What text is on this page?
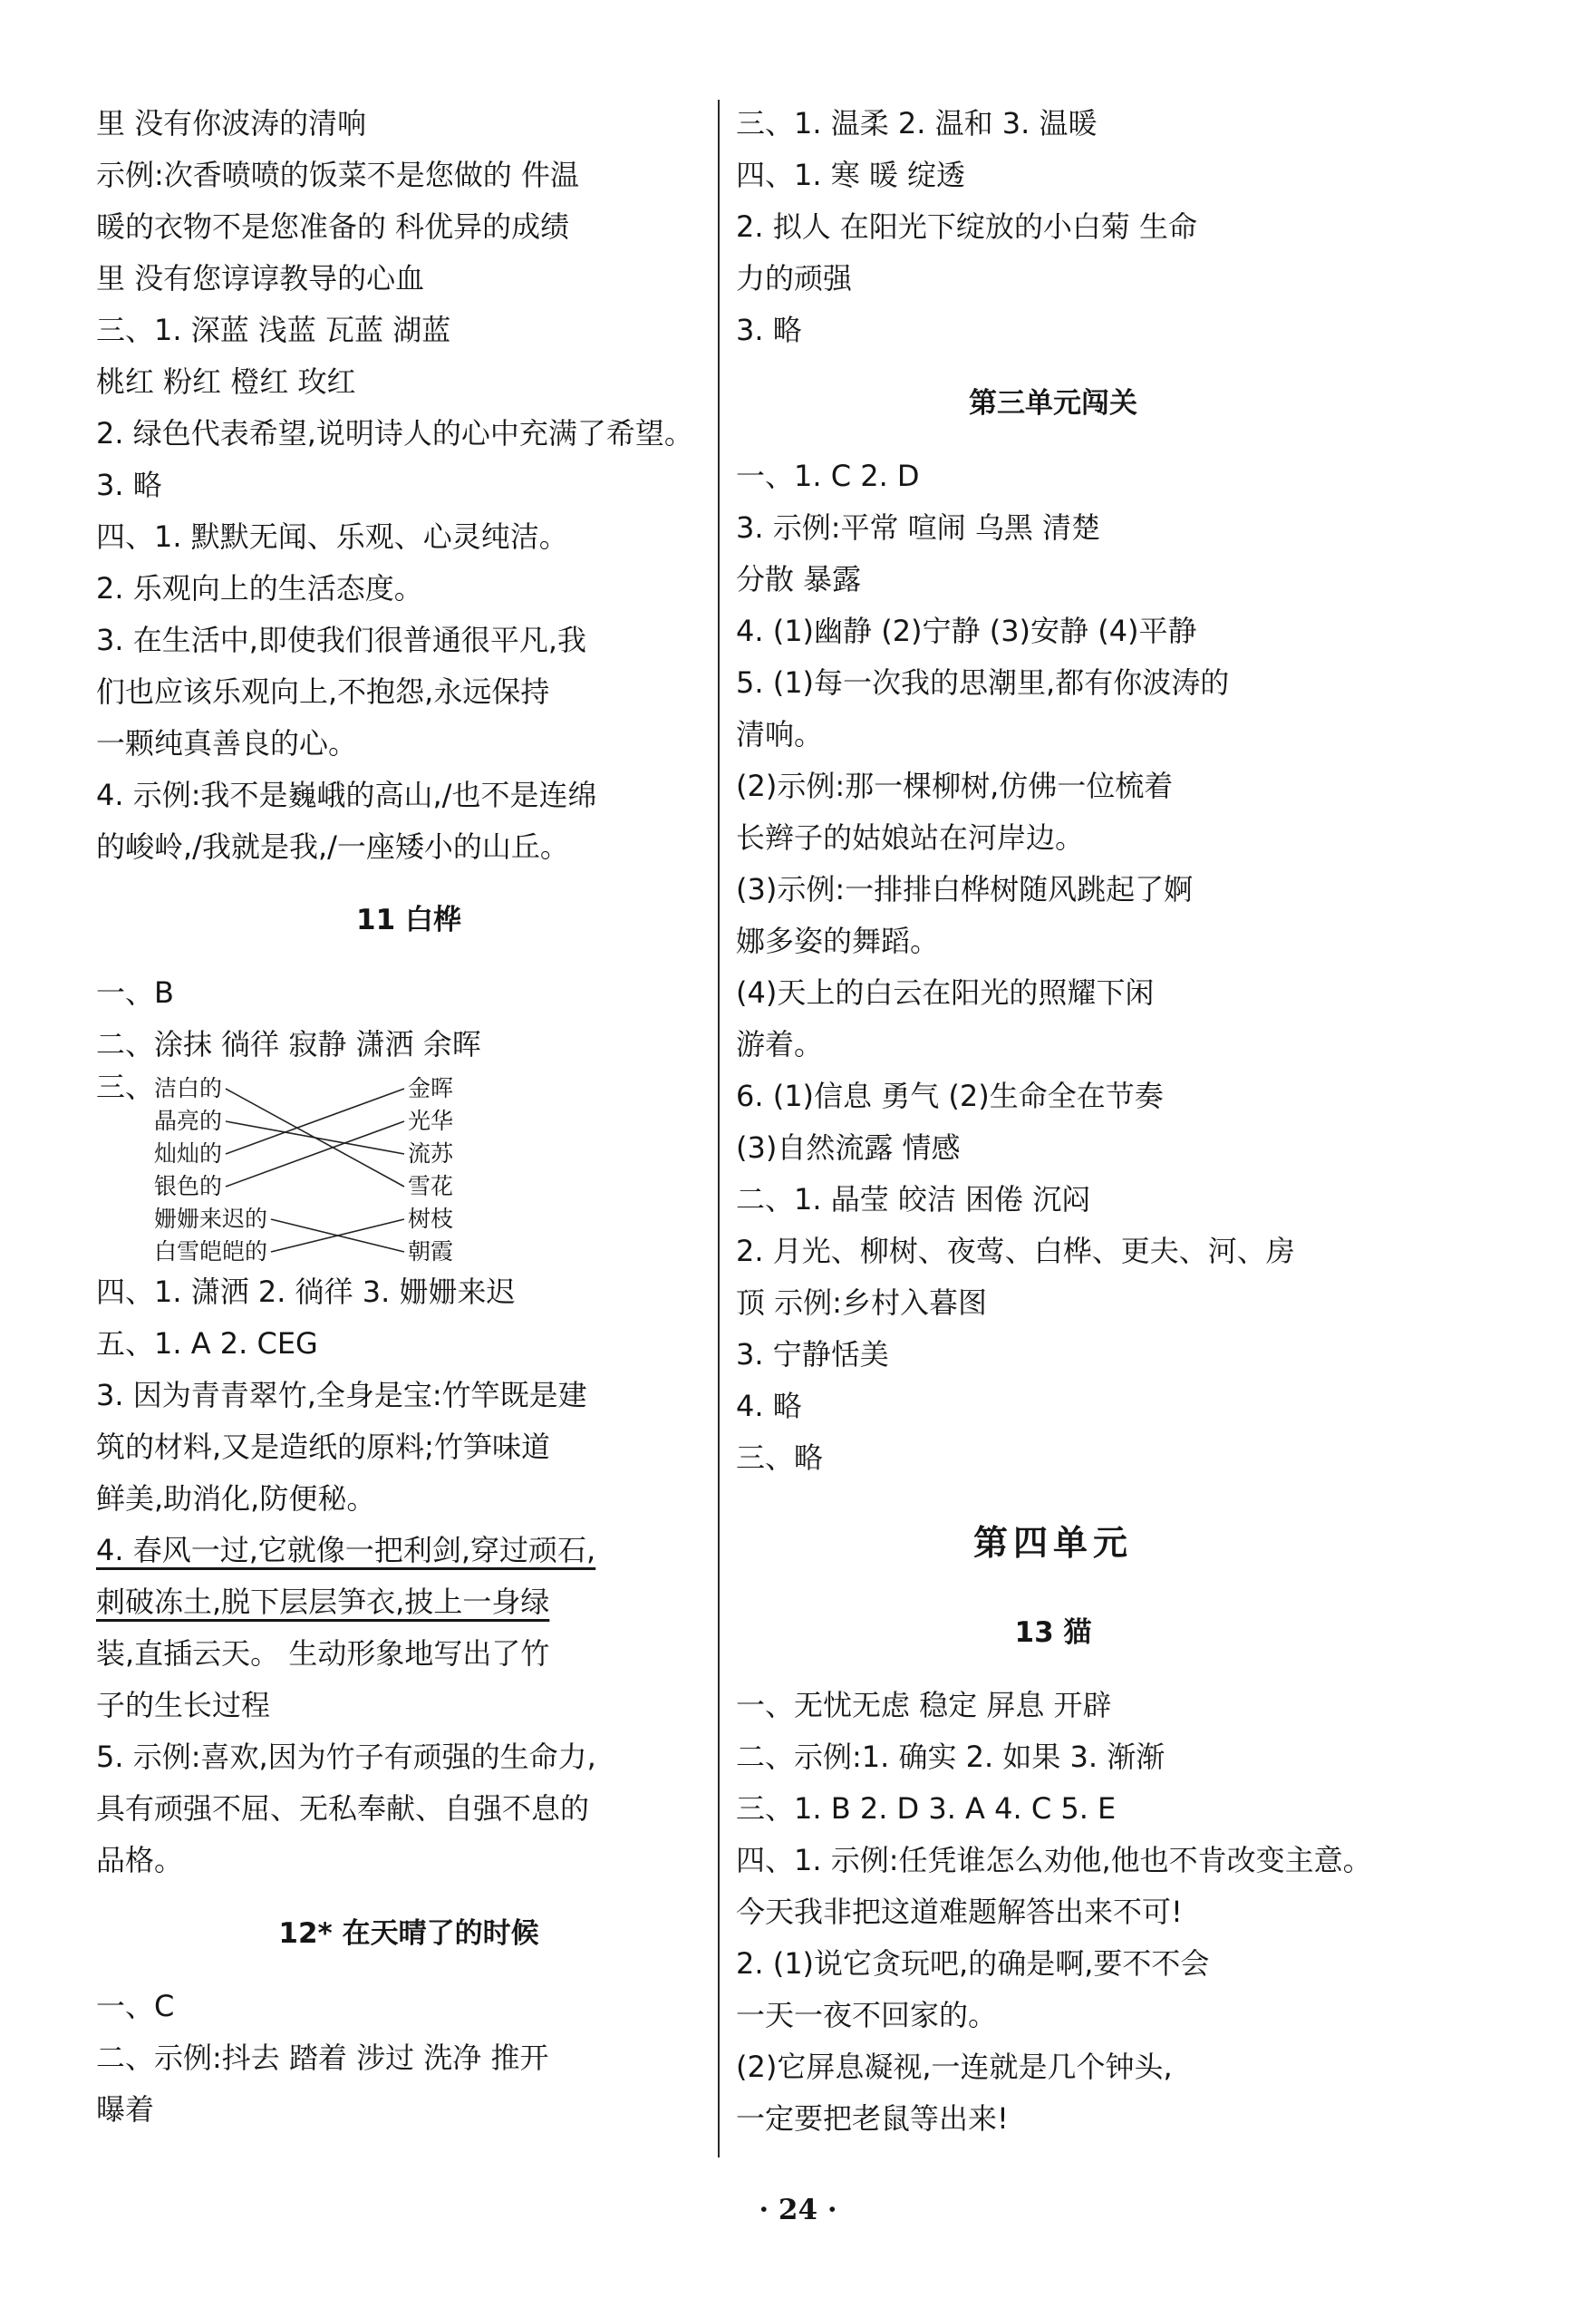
里 没有你波涛的清响
示例:次香喷喷的饭菜不是您做的 件温
暖的衣物不是您准备的 科优异的成绩
里 没有您谆谆教导的心血
三、1. 深蓝 浅蓝 瓦蓝 湖蓝
桃红 粉红 橙红 玫红
2. 绿色代表希望,说明诗人的心中充满了希望。
3. 略
四、1. 默默无闻、乐观、心灵纯洁。
2. 乐观向上的生活态度。
3. 在生活中,即使我们很普通很平凡,我
们也应该乐观向上,不抱怨,永远保持
一颗纯真善良的心。
4. 示例:我不是巍峨的高山,/也不是连绵
的峻岭,/我就是我,/一座矮小的山丘。
11 白桦
一、B
二、涂抹 徜徉 寂静 潇洒 余晖
三、 洁白的
晶亮的
灿灿的
银色的
姗姗来迟的
白雪皑皑的
金晖
光华
流苏
雪花
树枝
朝霞
四、1. 潇洒 2. 徜徉 3. 姗姗来迟
五、1. A 2. CEG
3. 因为青青翠竹,全身是宝:竹竿既是建
筑的材料,又是造纸的原料;竹笋味道
鲜美,助消化,防便秘。
4. 春风一过,它就像一把利剑,穿过顽石,
刺破冻土,脱下层层笋衣,披上一身绿
装,直插云天。 生动形象地写出了竹
子的生长过程
5. 示例:喜欢,因为竹子有顽强的生命力,
具有顽强不屈、无私奉献、自强不息的
品格。
12* 在天晴了的时候
一、C
二、示例:抖去 踏着 涉过 洗净 推开
曝着
三、1. 温柔 2. 温和 3. 温暖
四、1. 寒 暖 绽透
2. 拟人 在阳光下绽放的小白菊 生命
力的顽强
3. 略
第三单元闯关
一、1. C 2. D
3. 示例:平常 喧闹 乌黑 清楚
分散 暴露
4. (1)幽静 (2)宁静 (3)安静 (4)平静
5. (1)每一次我的思潮里,都有你波涛的
清响。
(2)示例:那一棵柳树,仿佛一位梳着
长辫子的姑娘站在河岸边。
(3)示例:一排排白桦树随风跳起了婀
娜多姿的舞蹈。
(4)天上的白云在阳光的照耀下闲
游着。
6. (1)信息 勇气 (2)生命全在节奏
(3)自然流露 情感
二、1. 晶莹 皎洁 困倦 沉闷
2. 月光、柳树、夜莺、白桦、更夫、河、房
顶 示例:乡村入暮图
3. 宁静恬美
4. 略
三、略
第四单元
13 猫
一、无忧无虑 稳定 屏息 开辟
二、示例:1. 确实 2. 如果 3. 渐渐
三、1. B 2. D 3. A 4. C 5. E
四、1. 示例:任凭谁怎么劝他,他也不肯改变主意。
今天我非把这道难题解答出来不可!
2. (1)说它贪玩吧,的确是啊,要不不会
一天一夜不回家的。
(2)它屏息凝视,一连就是几个钟头,
一定要把老鼠等出来!
· 24 ·
